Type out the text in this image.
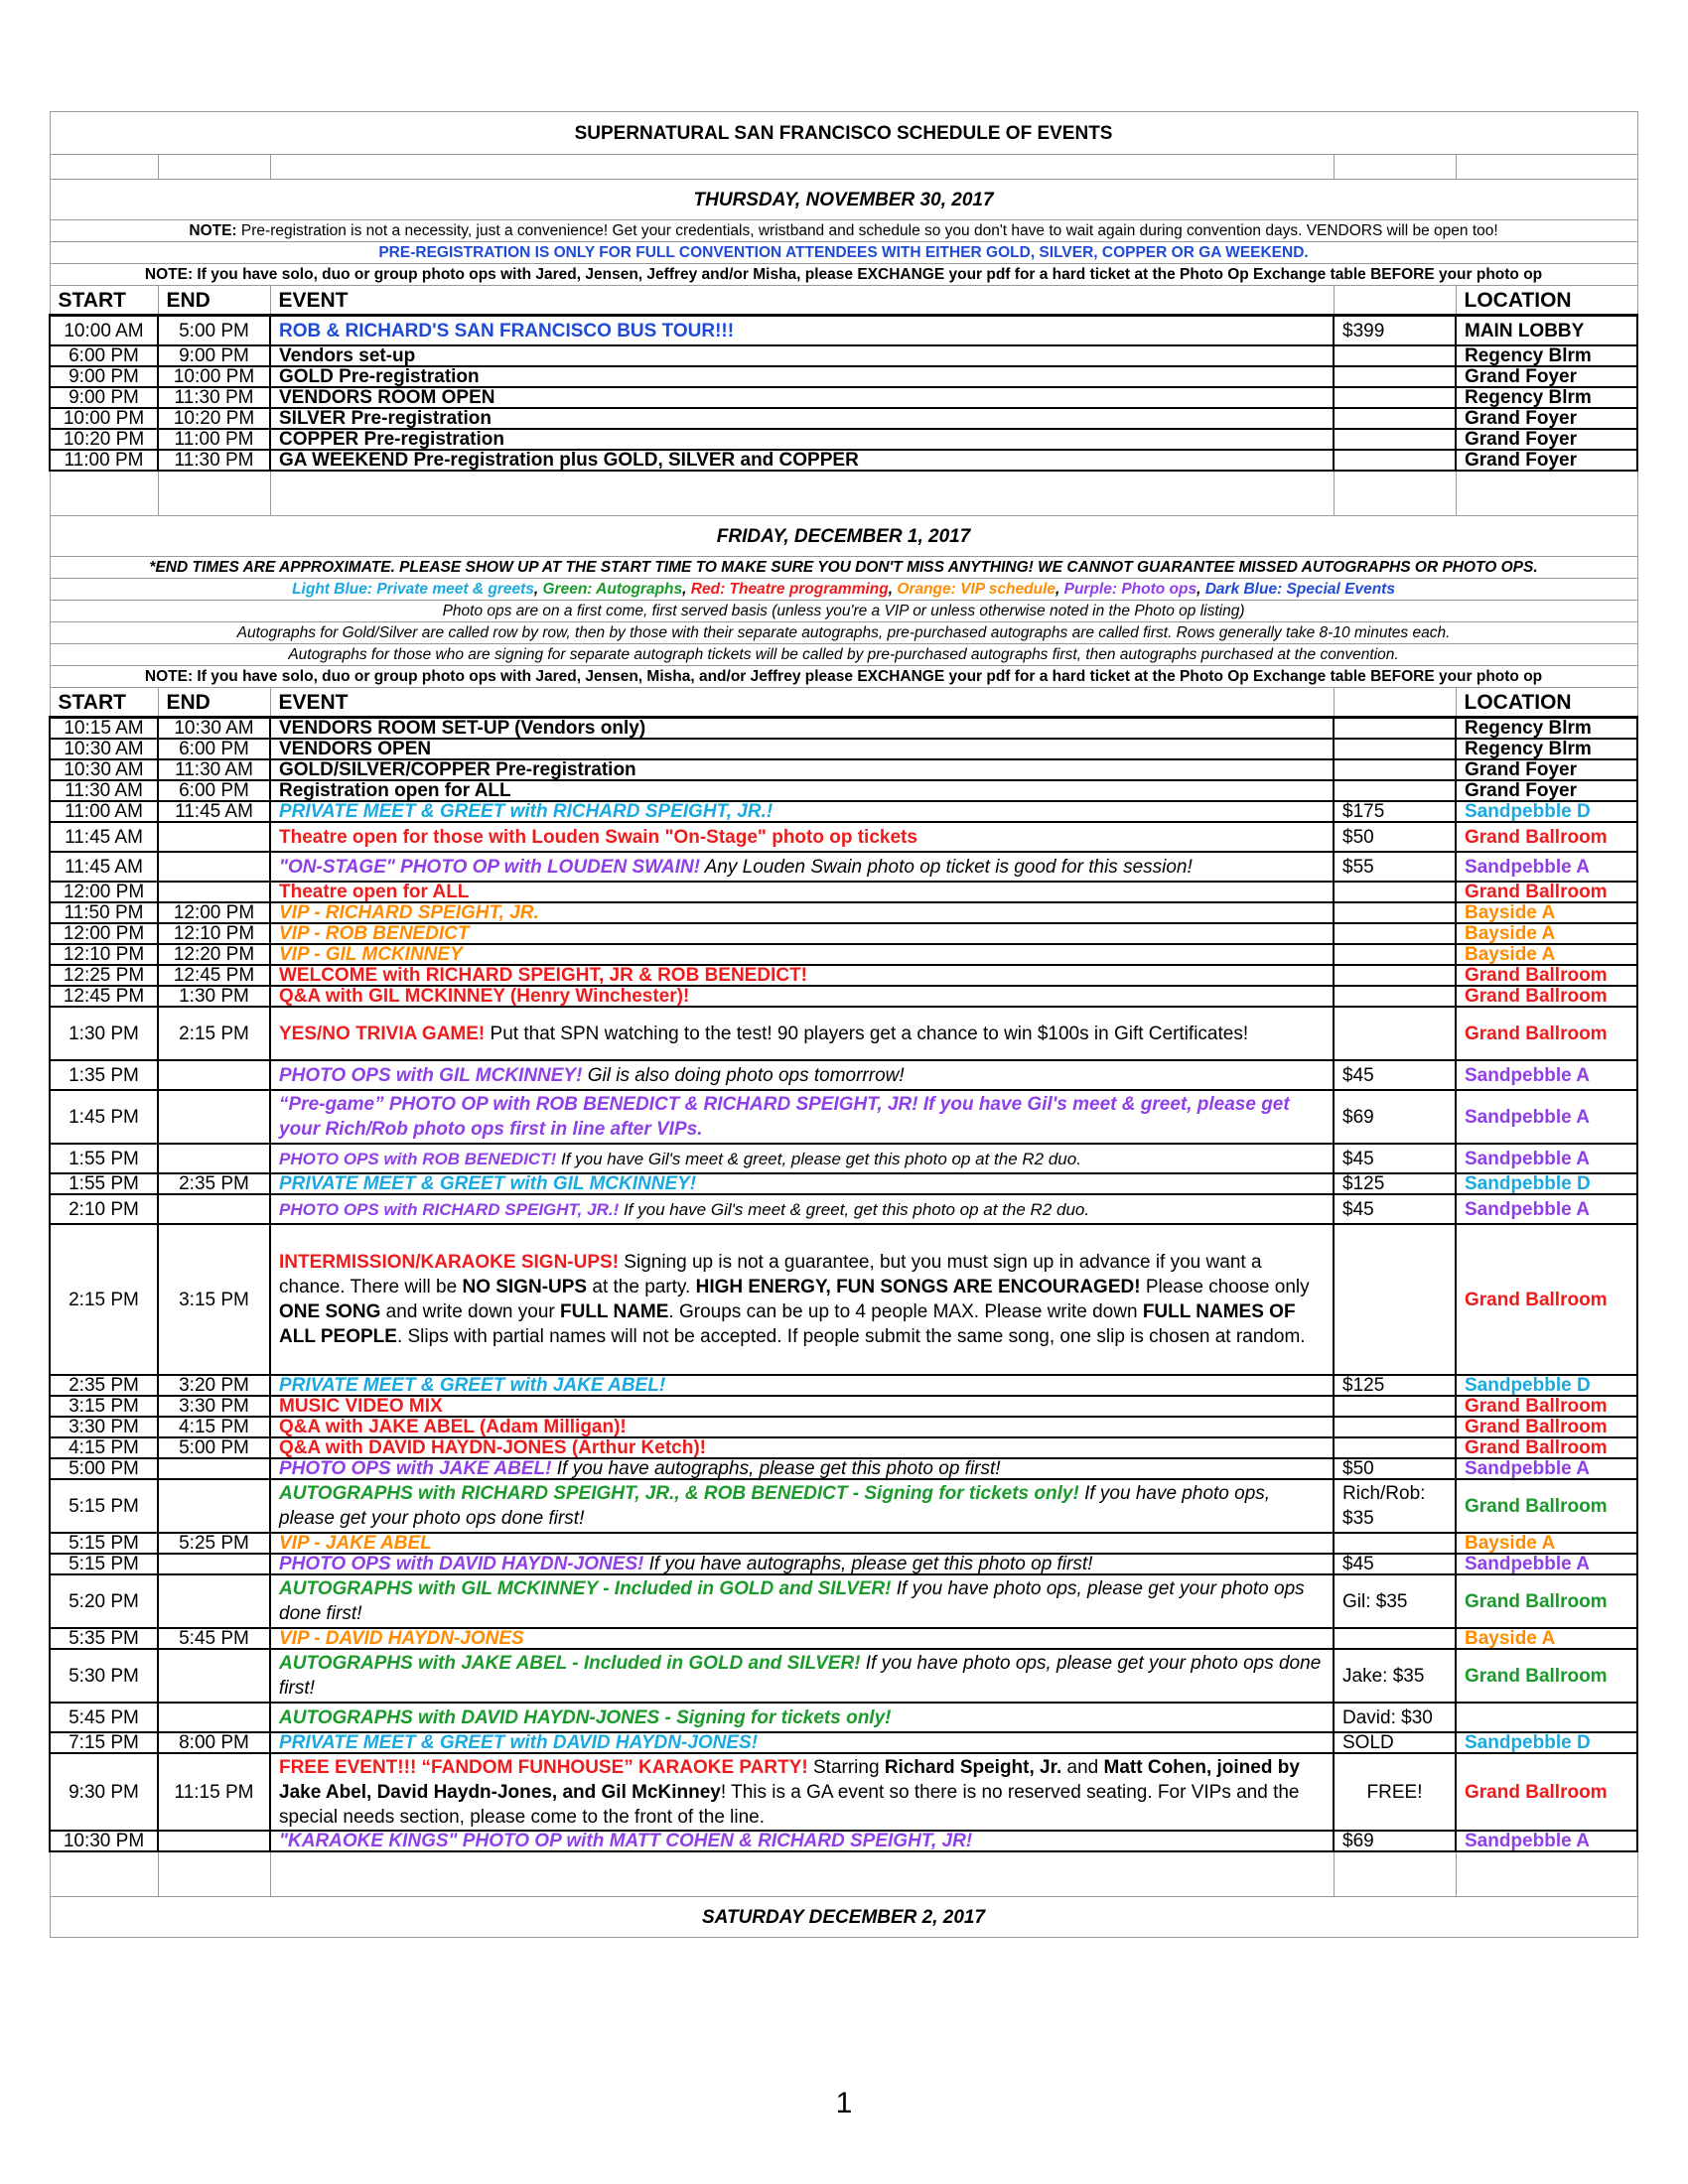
SUPERNATURAL SAN FRANCISCO SCHEDULE OF EVENTS				

THURSDAY, NOVEMBER 30, 2017				
NOTE: Pre-registration is not a necessity, just a convenience! Get your credentials, wristband and schedule so you don't have to wait again during convention days. VENDORS will be open too!				
PRE-REGISTRATION IS ONLY FOR FULL CONVENTION ATTENDEES WITH EITHER GOLD, SILVER, COPPER OR GA WEEKEND.				
NOTE: If you have solo, duo or group photo ops with Jared, Jensen, Jeffrey and/or Misha, please EXCHANGE your pdf for a hard ticket at the Photo Op Exchange table BEFORE your photo op				
START	END	EVENT		LOCATION
10:00 AM	5:00 PM	ROB & RICHARD'S SAN FRANCISCO BUS TOUR!!!	$399	MAIN LOBBY
6:00 PM	9:00 PM	Vendors set-up		Regency Blrm
9:00 PM	10:00 PM	GOLD Pre-registration		Grand Foyer
9:00 PM	11:30 PM	VENDORS ROOM OPEN		Regency Blrm
10:00 PM	10:20 PM	SILVER Pre-registration		Grand Foyer
10:20 PM	11:00 PM	COPPER Pre-registration		Grand Foyer
11:00 PM	11:30 PM	GA WEEKEND Pre-registration plus GOLD, SILVER and COPPER		Grand Foyer

FRIDAY, DECEMBER 1, 2017				
*END TIMES ARE APPROXIMATE. PLEASE SHOW UP AT THE START TIME TO MAKE SURE YOU DON'T MISS ANYTHING! WE CANNOT GUARANTEE MISSED AUTOGRAPHS OR PHOTO OPS.				
Light Blue: Private meet & greets, Green: Autographs, Red: Theatre programming, Orange: VIP schedule, Purple: Photo ops, Dark Blue: Special Events				
Photo ops are on a first come, first served basis (unless you're a VIP or unless otherwise noted in the Photo op listing)				
Autographs for Gold/Silver are called row by row, then by those with their separate autographs, pre-purchased autographs are called first. Rows generally take 8-10 minutes each.				
Autographs for those who are signing for separate autograph tickets will be called by pre-purchased autographs first, then autographs purchased at the convention.				
NOTE: If you have solo, duo or group photo ops with Jared, Jensen, Misha, and/or Jeffrey please EXCHANGE your pdf for a hard ticket at the Photo Op Exchange table BEFORE your photo op				
START	END	EVENT		LOCATION
10:15 AM	10:30 AM	VENDORS ROOM SET-UP (Vendors only)		Regency Blrm
10:30 AM	6:00 PM	VENDORS OPEN		Regency Blrm
10:30 AM	11:30 AM	GOLD/SILVER/COPPER Pre-registration		Grand Foyer
11:30 AM	6:00 PM	Registration open for ALL		Grand Foyer
11:00 AM	11:45 AM	PRIVATE MEET & GREET with RICHARD SPEIGHT, JR.!	$175	Sandpebble D
11:45 AM		Theatre open for those with Louden Swain "On-Stage" photo op tickets	$50	Grand Ballroom
11:45 AM		"ON-STAGE" PHOTO OP with LOUDEN SWAIN! Any Louden Swain photo op ticket is good for this session!	$55	Sandpebble A
12:00 PM		Theatre open for ALL		Grand Ballroom
11:50 PM	12:00 PM	VIP - RICHARD SPEIGHT, JR.		Bayside A
12:00 PM	12:10 PM	VIP - ROB BENEDICT		Bayside A
12:10 PM	12:20 PM	VIP - GIL MCKINNEY		Bayside A
12:25 PM	12:45 PM	WELCOME with RICHARD SPEIGHT, JR & ROB BENEDICT!		Grand Ballroom
12:45 PM	1:30 PM	Q&A with GIL MCKINNEY (Henry Winchester)!		Grand Ballroom
1:30 PM	2:15 PM	YES/NO TRIVIA GAME! Put that SPN watching to the test! 90 players get a chance to win $100s in Gift Certificates!		Grand Ballroom
1:35 PM		PHOTO OPS with GIL MCKINNEY! Gil is also doing photo ops tomorrrow!	$45	Sandpebble A
1:45 PM		“Pre-game” PHOTO OP with ROB BENEDICT & RICHARD SPEIGHT, JR! If you have Gil's meet & greet, please get your Rich/Rob photo ops first in line after VIPs.	$69	Sandpebble A
1:55 PM		PHOTO OPS with ROB BENEDICT! If you have Gil's meet & greet, please get this photo op at the R2 duo.	$45	Sandpebble A
1:55 PM	2:35 PM	PRIVATE MEET & GREET with GIL MCKINNEY!	$125	Sandpebble D
2:10 PM		PHOTO OPS with RICHARD SPEIGHT, JR.! If you have Gil's meet & greet, get this photo op at the R2 duo.	$45	Sandpebble A
2:15 PM	3:15 PM	INTERMISSION/KARAOKE SIGN-UPS! Signing up is not a guarantee, but you must sign up in advance if you want a chance. There will be NO SIGN-UPS at the party. HIGH ENERGY, FUN SONGS ARE ENCOURAGED! Please choose only ONE SONG and write down your FULL NAME. Groups can be up to 4 people MAX. Please write down FULL NAMES OF ALL PEOPLE. Slips with partial names will not be accepted. If people submit the same song, one slip is chosen at random.		Grand Ballroom
2:35 PM	3:20 PM	PRIVATE MEET & GREET with JAKE ABEL!	$125	Sandpebble D
3:15 PM	3:30 PM	MUSIC VIDEO MIX		Grand Ballroom
3:30 PM	4:15 PM	Q&A with JAKE ABEL (Adam Milligan)!		Grand Ballroom
4:15 PM	5:00 PM	Q&A with DAVID HAYDN-JONES (Arthur Ketch)!		Grand Ballroom
5:00 PM		PHOTO OPS with JAKE ABEL! If you have autographs, please get this photo op first!	$50	Sandpebble A
5:15 PM		AUTOGRAPHS with RICHARD SPEIGHT, JR., & ROB BENEDICT - Signing for tickets only! If you have photo ops, please get your photo ops done first!	Rich/Rob: $35	Grand Ballroom
5:15 PM	5:25 PM	VIP - JAKE ABEL		Bayside A
5:15 PM		PHOTO OPS with DAVID HAYDN-JONES! If you have autographs, please get this photo op first!	$45	Sandpebble A
5:20 PM		AUTOGRAPHS with GIL MCKINNEY - Included in GOLD and SILVER! If you have photo ops, please get your photo ops done first!	Gil: $35	Grand Ballroom
5:35 PM	5:45 PM	VIP - DAVID HAYDN-JONES		Bayside A
5:30 PM		AUTOGRAPHS with JAKE ABEL - Included in GOLD and SILVER! If you have photo ops, please get your photo ops done first!	Jake: $35	Grand Ballroom
5:45 PM		AUTOGRAPHS with DAVID HAYDN-JONES - Signing for tickets only!	David: $30	
7:15 PM	8:00 PM	PRIVATE MEET & GREET with DAVID HAYDN-JONES!	SOLD	Sandpebble D
9:30 PM	11:15 PM	FREE EVENT!!! “FANDOM FUNHOUSE” KARAOKE PARTY! Starring Richard Speight, Jr. and Matt Cohen, joined by Jake Abel, David Haydn-Jones, and Gil McKinney! This is a GA event so there is no reserved seating. For VIPs and the special needs section, please come to the front of the line.	FREE!	Grand Ballroom
10:30 PM		"KARAOKE KINGS" PHOTO OP with MATT COHEN & RICHARD SPEIGHT, JR!	$69	Sandpebble A

SATURDAY DECEMBER 2, 2017				
1
